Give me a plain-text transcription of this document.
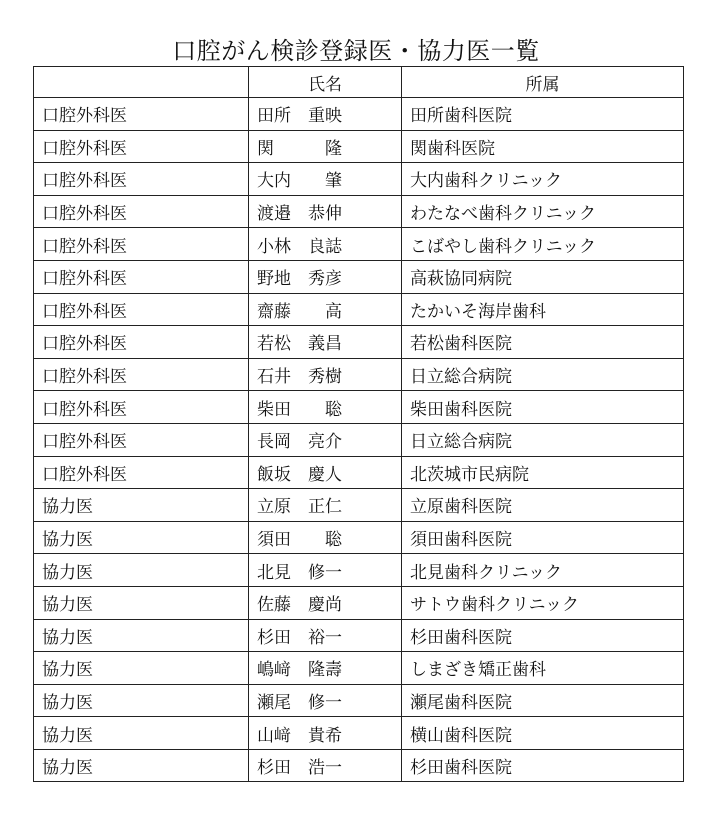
口腔がん検診登録医・協力医一覧
	氏名	所属
口腔外科医	田所　重映	田所歯科医院
口腔外科医	関　　　隆	関歯科医院
口腔外科医	大内　　肇	大内歯科クリニック
口腔外科医	渡邉　恭伸	わたなべ歯科クリニック
口腔外科医	小林　良誌	こばやし歯科クリニック
口腔外科医	野地　秀彦	高萩協同病院
口腔外科医	齋藤　　高	たかいそ海岸歯科
口腔外科医	若松　義昌	若松歯科医院
口腔外科医	石井　秀樹	日立総合病院
口腔外科医	柴田　　聡	柴田歯科医院
口腔外科医	長岡　亮介	日立総合病院
口腔外科医	飯坂　慶人	北茨城市民病院
協力医	立原　正仁	立原歯科医院
協力医	須田　　聡	須田歯科医院
協力医	北見　修一	北見歯科クリニック
協力医	佐藤　慶尚	サトウ歯科クリニック
協力医	杉田　裕一	杉田歯科医院
協力医	嶋﨑　隆壽	しまざき矯正歯科
協力医	瀬尾　修一	瀬尾歯科医院
協力医	山﨑　貴希	横山歯科医院
協力医	杉田　浩一	杉田歯科医院
